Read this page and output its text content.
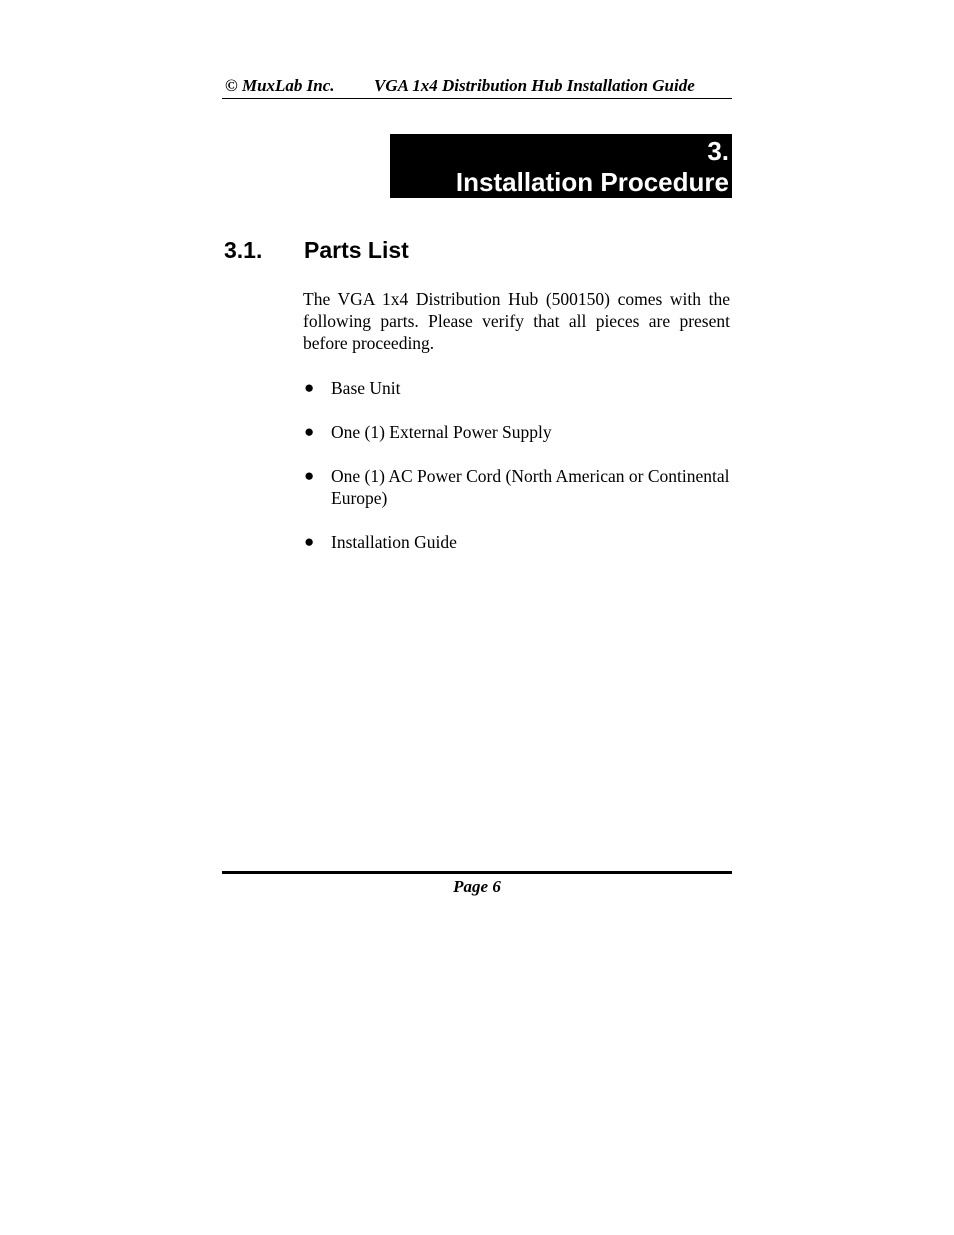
© MuxLab Inc. VGA 1x4 Distribution Hub Installation Guide
3.
Installation Procedure
3.1. Parts List

The VGA 1x4 Distribution Hub (500150) comes with the following parts. Please verify that all pieces are present before proceeding.

● Base Unit
● One (1) External Power Supply
● One (1) AC Power Cord (North American or Continental Europe)
● Installation Guide
Page 6
